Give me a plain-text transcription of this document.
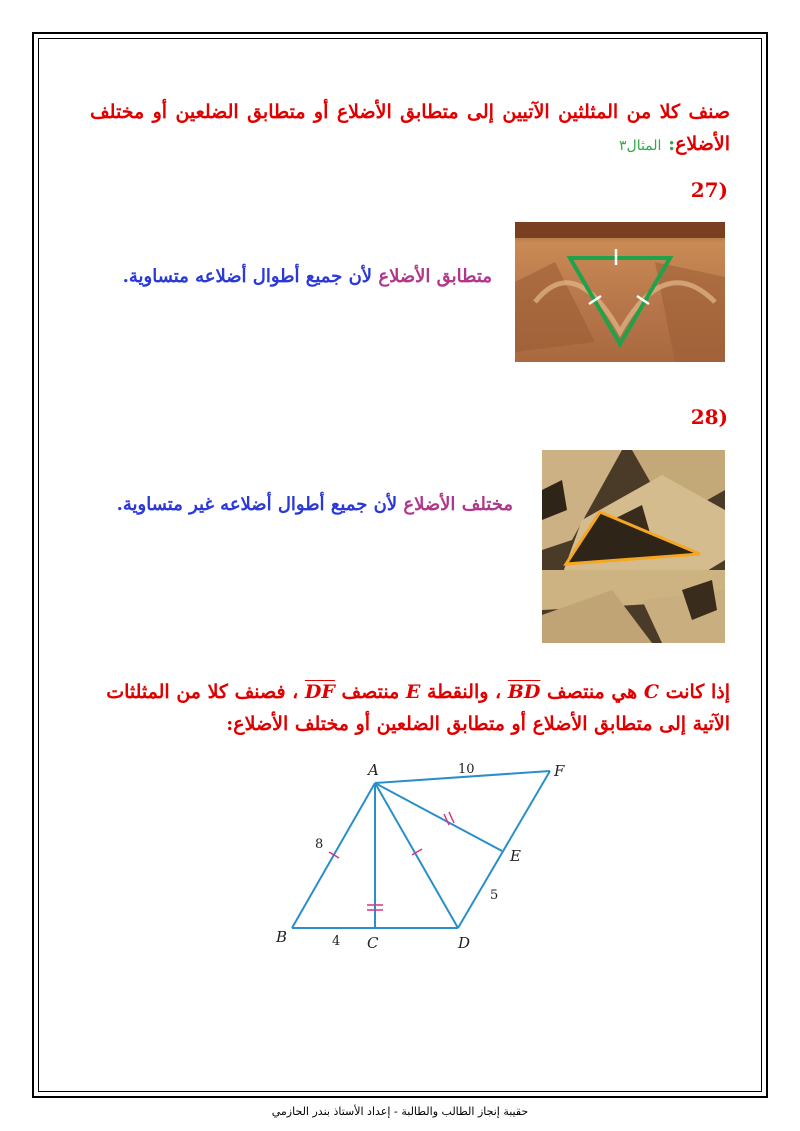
صنف كلا من المثلثين الآتيين إلى متطابق الأضلاع أو متطابق الضلعين أو مختلف الأضلاع: المثال٣
(27
متطابق الأضلاع لأن جميع أطوال أضلاعه متساوية.
(28
مختلف الأضلاع لأن جميع أطوال أضلاعه غير متساوية.
إذا كانت C هي منتصف $\overline{BD}$ ، والنقطة E منتصف $\overline{DF}$ ، فصنف كلا من المثلثات الآتية إلى متطابق الأضلاع أو متطابق الضلعين أو مختلف الأضلاع:
A
B	C	D
E
F
10
8
4
5
حقيبة إنجاز الطالب والطالبة - إعداد الأستاذ بندر الحازمي
